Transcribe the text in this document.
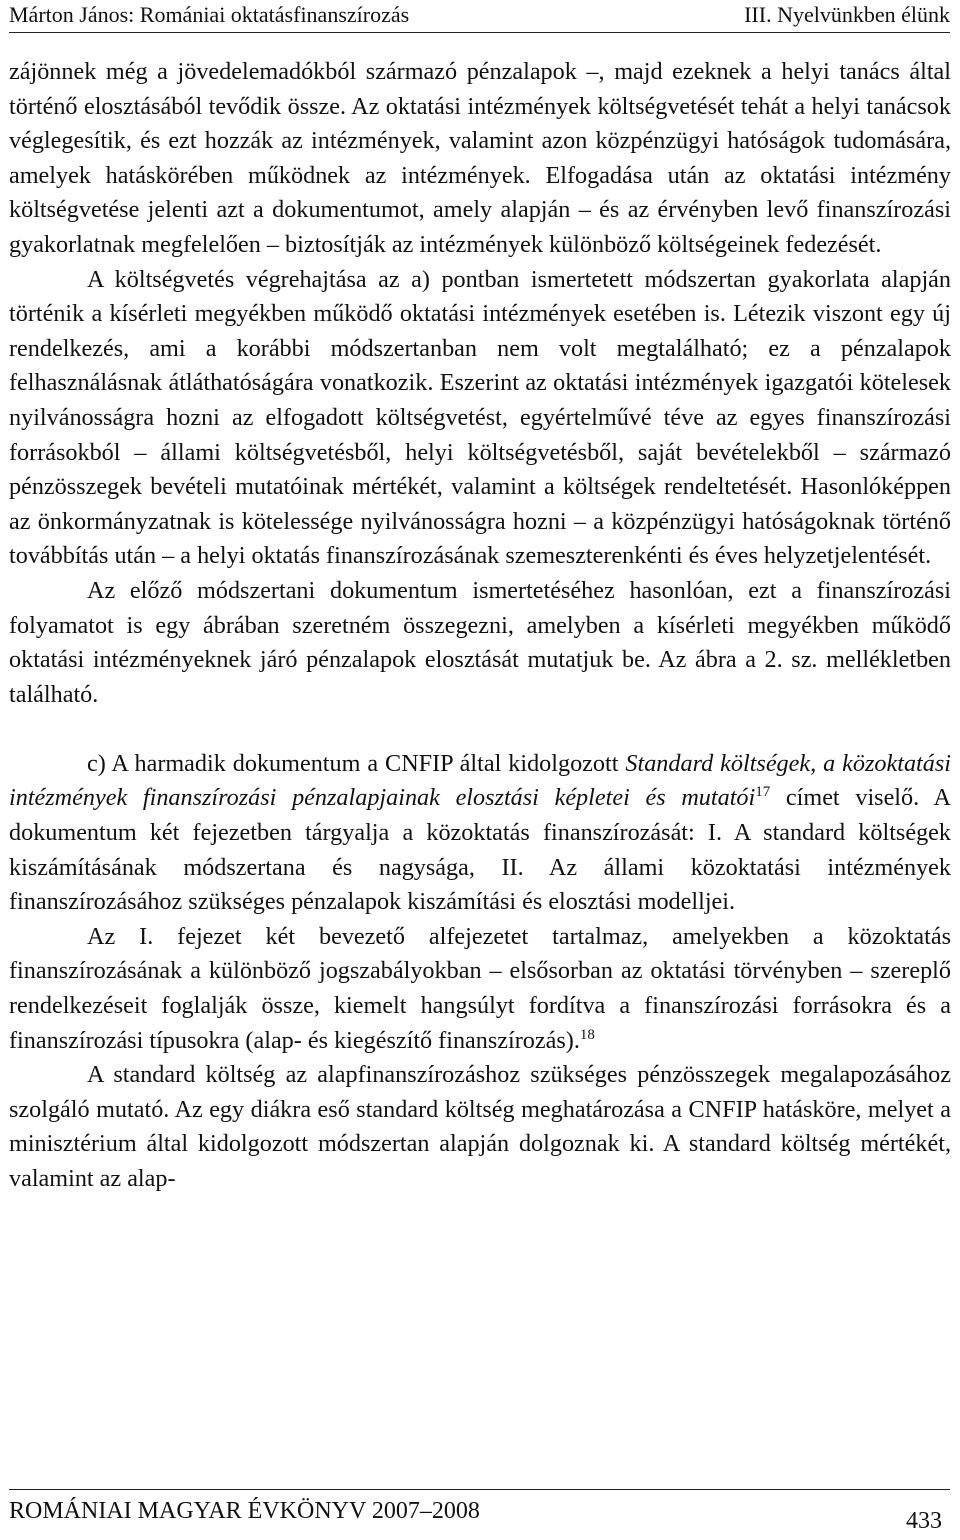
Márton János: Romániai oktatásfinanszírozás	III. Nyelvünkben élünk

zájönnek még a jövedelemadókból származó pénzalapok –, majd ezeknek a helyi tanács által történő elosztásából tevődik össze. Az oktatási intézmények költségvetését tehát a helyi tanácsok véglegesítik, és ezt hozzák az intézmények, valamint azon közpénzügyi hatóságok tudomására, amelyek hatáskörében működnek az intézmények. Elfogadása után az oktatási intézmény költségvetése jelenti azt a dokumentumot, amely alapján – és az érvényben levő finanszírozási gyakorlatnak megfelelően – biztosítják az intézmények különböző költségeinek fedezését.

A költségvetés végrehajtása az a) pontban ismertetett módszertan gyakorlata alapján történik a kísérleti megyékben működő oktatási intézmények esetében is. Létezik viszont egy új rendelkezés, ami a korábbi módszertanban nem volt megtalálható; ez a pénzalapok felhasználásnak átláthatóságára vonatkozik. Eszerint az oktatási intézmények igazgatói kötelesek nyilvánosságra hozni az elfogadott költségvetést, egyértelművé téve az egyes finanszírozási forrásokból – állami költségvetésből, helyi költségvetésből, saját bevételekből – származó pénzösszegek bevételi mutatóinak mértékét, valamint a költségek rendeltetését. Hasonlóképpen az önkormányzatnak is kötelessége nyilvánosságra hozni – a közpénzügyi hatóságoknak történő továbbítás után – a helyi oktatás finanszírozásának szemeszterenkénti és éves helyzetjelentését.

Az előző módszertani dokumentum ismertetéséhez hasonlóan, ezt a finanszírozási folyamatot is egy ábrában szeretném összegezni, amelyben a kísérleti megyékben működő oktatási intézményeknek járó pénzalapok elosztását mutatjuk be. Az ábra a 2. sz. mellékletben található.

c) A harmadik dokumentum a CNFIP által kidolgozott Standard költségek, a közoktatási intézmények finanszírozási pénzalapjainak elosztási képletei és mutatói$^{17}$ címet viselő. A dokumentum két fejezetben tárgyalja a közoktatás finanszírozását: I. A standard költségek kiszámításának módszertana és nagysága, II. Az állami közoktatási intézmények finanszírozásához szükséges pénzalapok kiszámítási és elosztási modelljei.

Az I. fejezet két bevezető alfejezetet tartalmaz, amelyekben a közoktatás finanszírozásának a különböző jogszabályokban – elsősorban az oktatási törvényben – szereplő rendelkezéseit foglalják össze, kiemelt hangsúlyt fordítva a finanszírozási forrásokra és a finanszírozási típusokra (alap- és kiegészítő finanszírozás).$^{18}$

A standard költség az alapfinanszírozáshoz szükséges pénzösszegek megalapozásához szolgáló mutató. Az egy diákra eső standard költség meghatározása a CNFIP hatásköre, melyet a minisztérium által kidolgozott módszertan alapján dolgoznak ki. A standard költség mértékét, valamint az alap-

ROMÁNIAI MAGYAR ÉVKÖNYV 2007–2008	433
